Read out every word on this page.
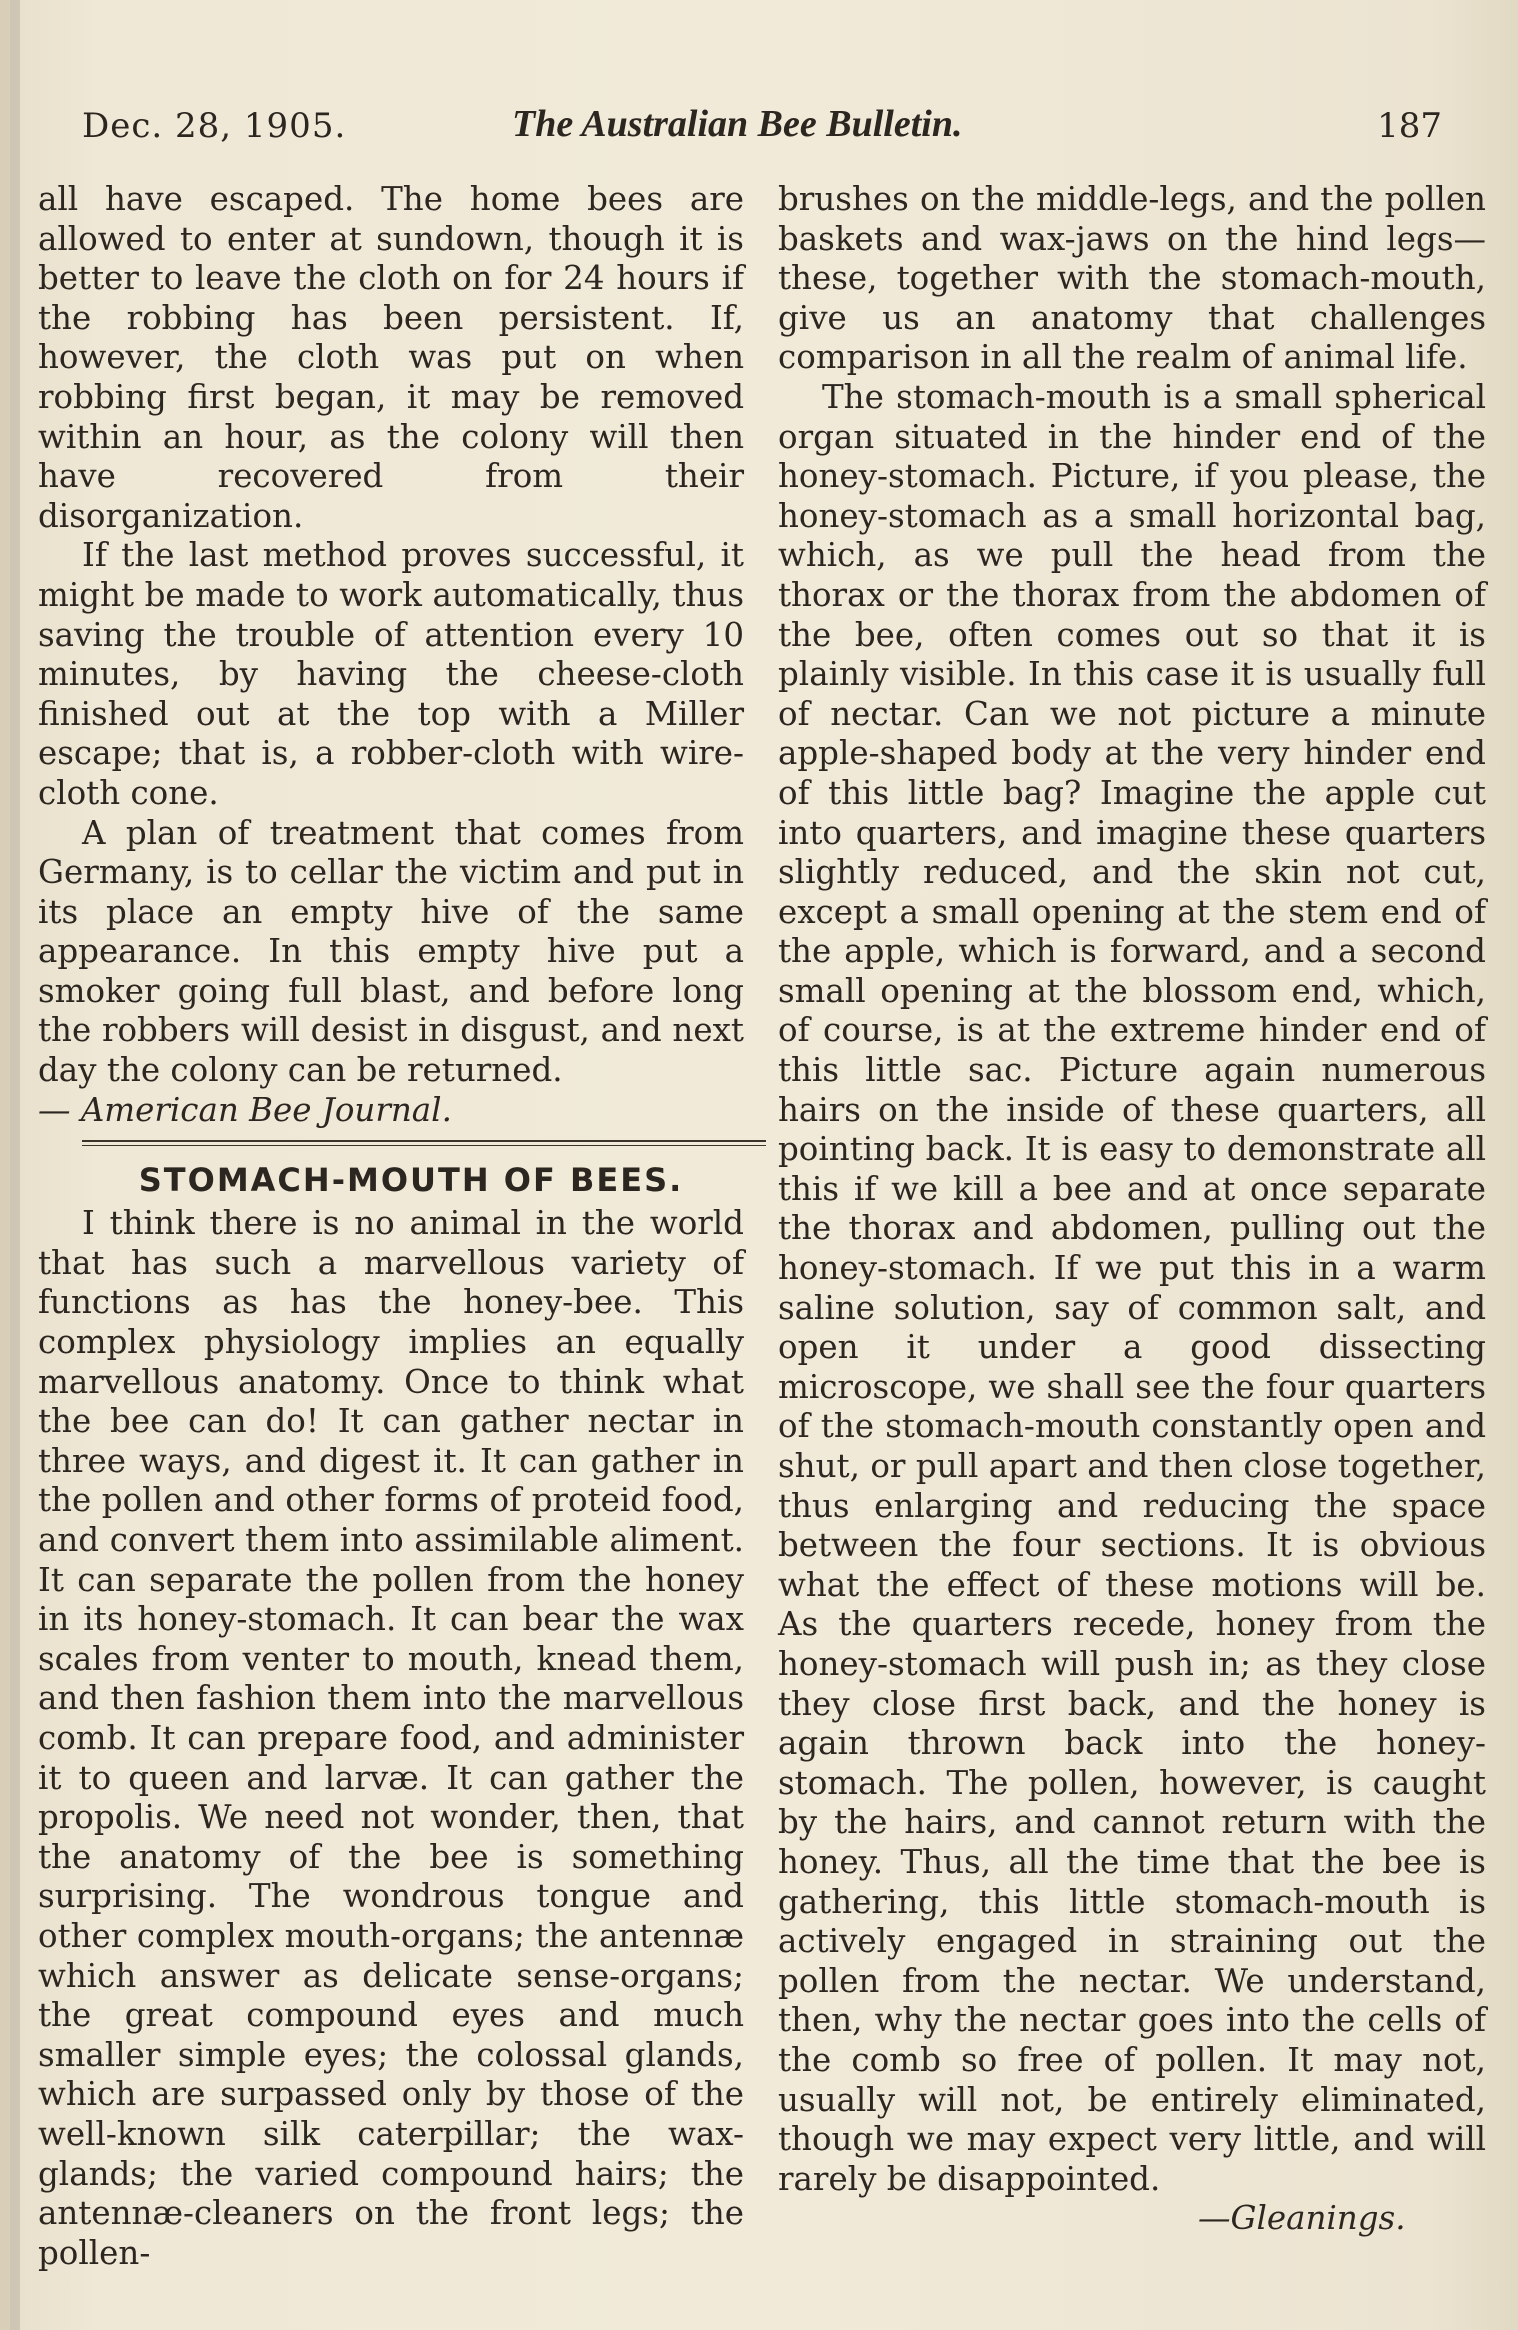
Dec. 28, 1905.	The Australian Bee Bulletin.	187

all have escaped. The home bees are allowed to enter at sundown, though it is better to leave the cloth on for 24 hours if the robbing has been persistent. If, however, the cloth was put on when robbing first began, it may be removed within an hour, as the colony will then have recovered from their disorganization.

If the last method proves successful, it might be made to work automatically, thus saving the trouble of attention every 10 minutes, by having the cheese-cloth finished out at the top with a Miller escape; that is, a robber-cloth with wire-cloth cone.

A plan of treatment that comes from Germany, is to cellar the victim and put in its place an empty hive of the same appearance. In this empty hive put a smoker going full blast, and before long the robbers will desist in disgust, and next day the colony can be returned.

— American Bee Journal.

STOMACH-MOUTH OF BEES.

I think there is no animal in the world that has such a marvellous variety of functions as has the honey-bee. This complex physiology implies an equally marvellous anatomy. Once to think what the bee can do! It can gather nectar in three ways, and digest it. It can gather in the pollen and other forms of proteid food, and convert them into assimilable aliment. It can separate the pollen from the honey in its honey-stomach. It can bear the wax scales from venter to mouth, knead them, and then fashion them into the marvellous comb. It can prepare food, and administer it to queen and larvæ. It can gather the propolis. We need not wonder, then, that the anatomy of the bee is something surprising. The wondrous tongue and other complex mouth-organs; the antennæ which answer as delicate sense-organs; the great compound eyes and much smaller simple eyes; the colossal glands, which are surpassed only by those of the well-known silk caterpillar; the wax-glands; the varied compound hairs; the antennæ-cleaners on the front legs; the pollen-

brushes on the middle-legs, and the pollen baskets and wax-jaws on the hind legs—these, together with the stomach-mouth, give us an anatomy that challenges comparison in all the realm of animal life.

The stomach-mouth is a small spherical organ situated in the hinder end of the honey-stomach. Picture, if you please, the honey-stomach as a small horizontal bag, which, as we pull the head from the thorax or the thorax from the abdomen of the bee, often comes out so that it is plainly visible. In this case it is usually full of nectar. Can we not picture a minute apple-shaped body at the very hinder end of this little bag? Imagine the apple cut into quarters, and imagine these quarters slightly reduced, and the skin not cut, except a small opening at the stem end of the apple, which is forward, and a second small opening at the blossom end, which, of course, is at the extreme hinder end of this little sac. Picture again numerous hairs on the inside of these quarters, all pointing back. It is easy to demonstrate all this if we kill a bee and at once separate the thorax and abdomen, pulling out the honey-stomach. If we put this in a warm saline solution, say of common salt, and open it under a good dissecting microscope, we shall see the four quarters of the stomach-mouth constantly open and shut, or pull apart and then close together, thus enlarging and reducing the space between the four sections. It is obvious what the effect of these motions will be. As the quarters recede, honey from the honey-stomach will push in; as they close they close first back, and the honey is again thrown back into the honey-stomach. The pollen, however, is caught by the hairs, and cannot return with the honey. Thus, all the time that the bee is gathering, this little stomach-mouth is actively engaged in straining out the pollen from the nectar. We understand, then, why the nectar goes into the cells of the comb so free of pollen. It may not, usually will not, be entirely eliminated, though we may expect very little, and will rarely be disappointed.

—Gleanings.
